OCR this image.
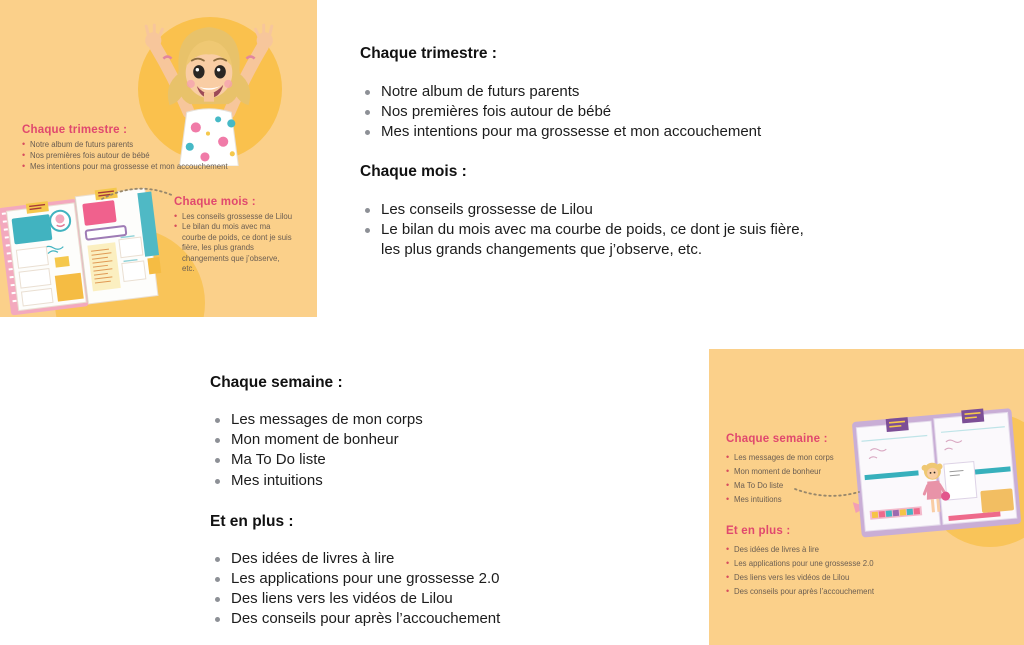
Chaque trimestre :
• Notre album de futurs parents
• Nos premières fois autour de bébé
• Mes intentions pour ma grossesse et mon accouchement
Chaque mois :
• Les conseils grossesse de Lilou
• Le bilan du mois avec ma courbe de poids, ce dont je suis fière, les plus grands changements que j’observe, etc.
Chaque trimestre :
Notre album de futurs parents
Nos premières fois autour de bébé
Mes intentions pour ma grossesse et mon accouchement
Chaque mois :
Les conseils grossesse de Lilou
Le bilan du mois avec ma courbe de poids, ce dont je suis fière, les plus grands changements que j’observe, etc.
Chaque semaine :
Les messages de mon corps
Mon moment de bonheur
Ma To Do liste
Mes intuitions
Et en plus :
Des idées de livres à lire
Les applications pour une grossesse 2.0
Des liens vers les vidéos de Lilou
Des conseils pour après l’accouchement
Chaque semaine :
• Les messages de mon corps
• Mon moment de bonheur
• Ma To Do liste
• Mes intuitions
Et en plus :
• Des idées de livres à lire
• Les applications pour une grossesse 2.0
• Des liens vers les vidéos de Lilou
• Des conseils pour après l’accouchement
